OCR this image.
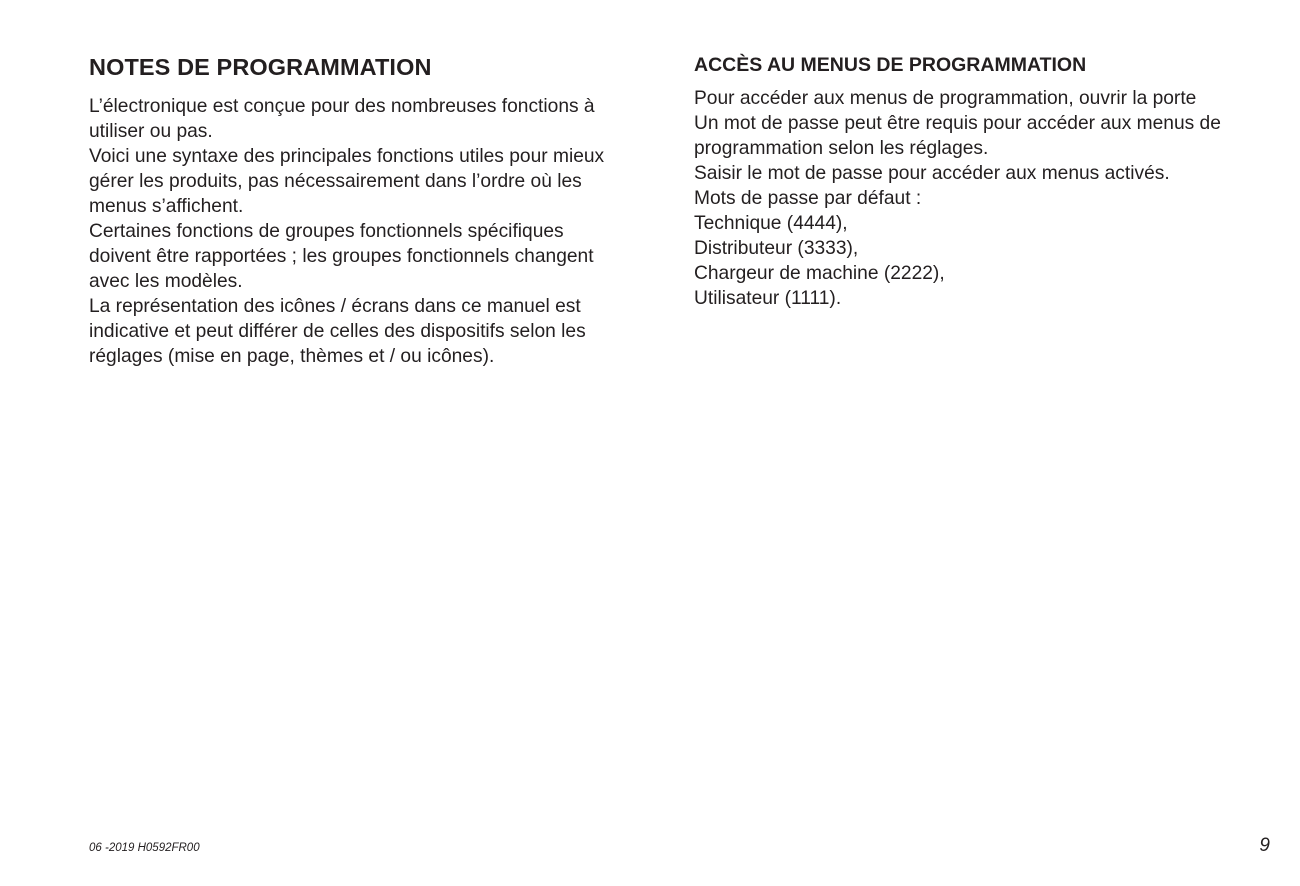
NOTES DE PROGRAMMATION

L’électronique est conçue pour des nombreuses fonctions à
utiliser ou pas.
Voici une syntaxe des principales fonctions utiles pour mieux
gérer les produits, pas nécessairement dans l’ordre où les
menus s’affichent.
Certaines fonctions de groupes fonctionnels spécifiques
doivent être rapportées ; les groupes fonctionnels changent
avec les modèles.
La représentation des icônes / écrans dans ce manuel est
indicative et peut différer de celles des dispositifs selon les
réglages (mise en page, thèmes et / ou icônes).

ACCÈS AU MENUS DE PROGRAMMATION

Pour accéder aux menus de programmation, ouvrir la porte
Un mot de passe peut être requis pour accéder aux menus de
programmation selon les réglages.
Saisir le mot de passe pour accéder aux menus activés.
Mots de passe par défaut :
Technique (4444),
Distributeur (3333),
Chargeur de machine (2222),
Utilisateur (1111).

06 -2019 H0592FR00	9
